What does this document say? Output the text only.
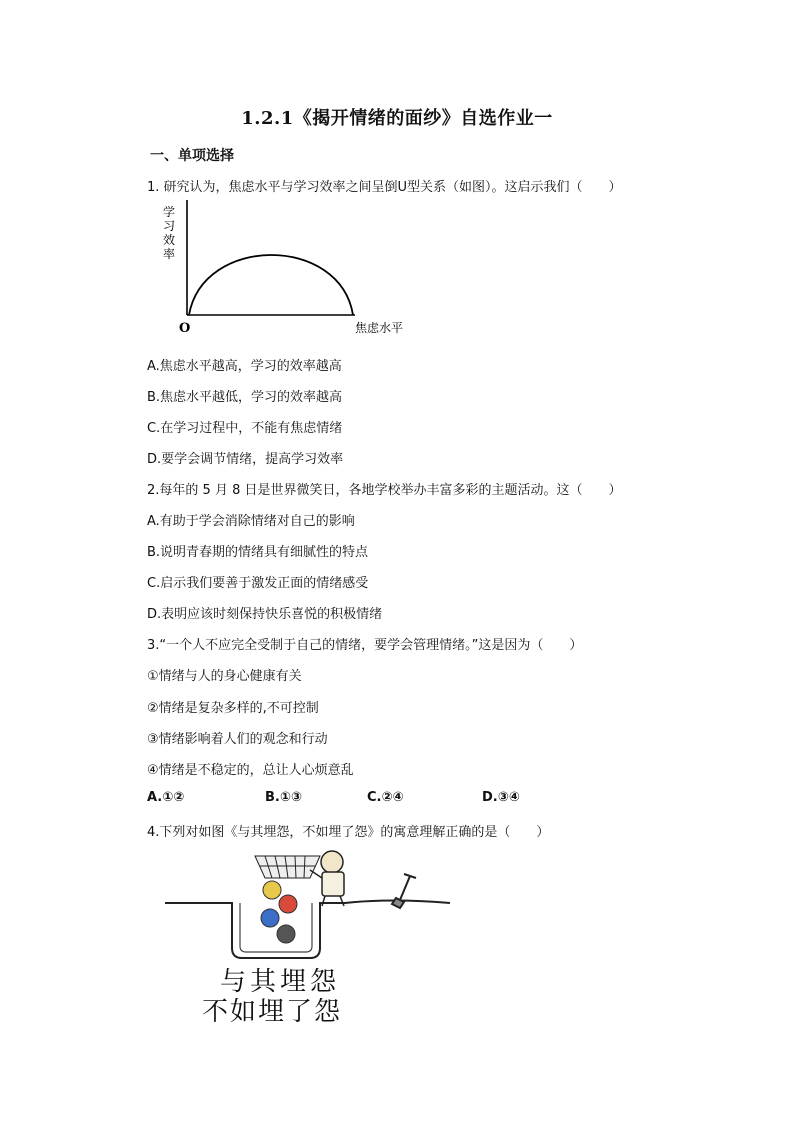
1.2.1《揭开情绪的面纱》自选作业一
一、单项选择
1. 研究认为，焦虑水平与学习效率之间呈倒U型关系（如图）。这启示我们（　　）
学
习
效
率
O	焦虑水平
A.焦虑水平越高，学习的效率越高
B.焦虑水平越低，学习的效率越高
C.在学习过程中，不能有焦虑情绪
D.要学会调节情绪，提高学习效率
2.每年的 5 月 8 日是世界微笑日，各地学校举办丰富多彩的主题活动。这（　　）
A.有助于学会消除情绪对自己的影响
B.说明青春期的情绪具有细腻性的特点
C.启示我们要善于激发正面的情绪感受
D.表明应该时刻保持快乐喜悦的积极情绪
3.“一个人不应完全受制于自己的情绪，要学会管理情绪。”这是因为（　　）
①情绪与人的身心健康有关
②情绪是复杂多样的,不可控制
③情绪影响着人们的观念和行动
④情绪是不稳定的，总让人心烦意乱
A.①②	B.①③	C.②④	D.③④
4.下列对如图《与其埋怨，不如埋了怨》的寓意理解正确的是（　　）
与其埋怨
不如埋了怨
